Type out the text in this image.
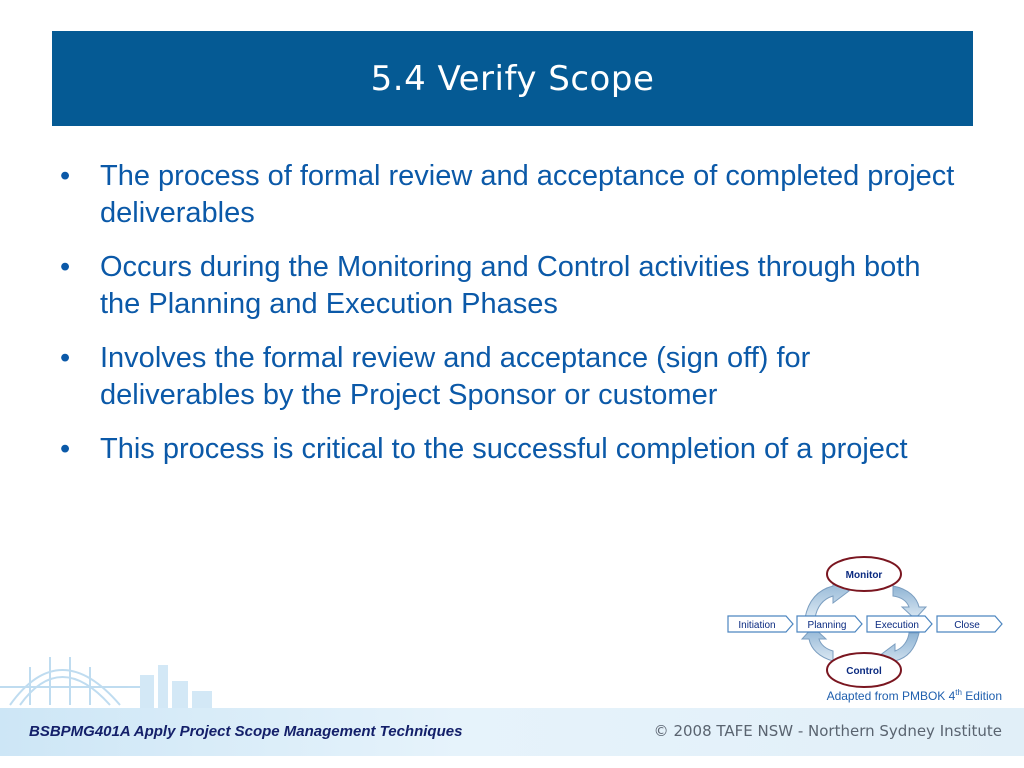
5.4 Verify Scope
• The process of formal review and acceptance of completed project deliverables
• Occurs during the Monitoring and Control activities through both the Planning and Execution Phases
• Involves the formal review and acceptance (sign off) for deliverables by the Project Sponsor or customer
• This process is critical to the successful completion of a project
Monitor
Control
Initiation	Planning	Execution	Close
Adapted from PMBOK 4th Edition
BSBPMG401A Apply Project Scope Management Techniques	© 2008 TAFE NSW - Northern Sydney Institute
